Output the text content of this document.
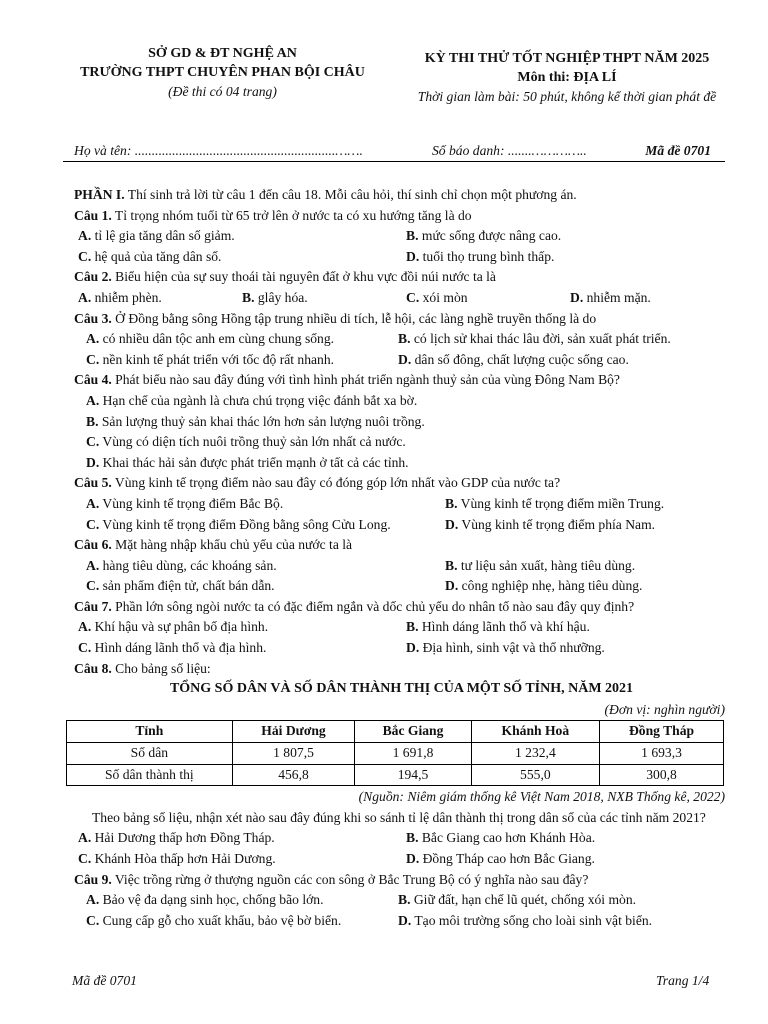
SỞ GD & ĐT NGHỆ AN
TRƯỜNG THPT CHUYÊN PHAN BỘI CHÂU
(Đề thi có 04 trang)
KỲ THI THỬ TỐT NGHIỆP THPT NĂM 2025
Môn thi: ĐỊA LÍ
Thời gian làm bài: 50 phút, không kể thời gian phát đề
Họ và tên: ...........................................................…….	Số báo danh: .......…………..	Mã đề 0701
PHẦN I. Thí sinh trả lời từ câu 1 đến câu 18. Mỗi câu hỏi, thí sinh chỉ chọn một phương án.
Câu 1. Tỉ trọng nhóm tuổi từ 65 trở lên ở nước ta có xu hướng tăng là do
A. tỉ lệ gia tăng dân số giảm.	B. mức sống được nâng cao.
C. hệ quả của tăng dân số.	D. tuổi thọ trung bình thấp.
Câu 2. Biểu hiện của sự suy thoái tài nguyên đất ở khu vực đồi núi nước ta là
A. nhiễm phèn.	B. glây hóa.	C. xói mòn	D. nhiễm mặn.
Câu 3. Ở Đồng bằng sông Hồng tập trung nhiều di tích, lễ hội, các làng nghề truyền thống là do
A. có nhiều dân tộc anh em cùng chung sống.	B. có lịch sử khai thác lâu đời, sản xuất phát triển.
C. nền kinh tế phát triển với tốc độ rất nhanh.	D. dân số đông, chất lượng cuộc sống cao.
Câu 4. Phát biểu nào sau đây đúng với tình hình phát triển ngành thuỷ sản của vùng Đông Nam Bộ?
A. Hạn chế của ngành là chưa chú trọng việc đánh bắt xa bờ.
B. Sản lượng thuỷ sản khai thác lớn hơn sản lượng nuôi trồng.
C. Vùng có diện tích nuôi trồng thuỷ sản lớn nhất cả nước.
D. Khai thác hải sản được phát triển mạnh ở tất cả các tỉnh.
Câu 5. Vùng kinh tế trọng điểm nào sau đây có đóng góp lớn nhất vào GDP của nước ta?
A. Vùng kinh tế trọng điểm Bắc Bộ.	B. Vùng kinh tế trọng điểm miền Trung.
C. Vùng kinh tế trọng điểm Đồng bằng sông Cửu Long.	D. Vùng kinh tế trọng điểm phía Nam.
Câu 6. Mặt hàng nhập khẩu chủ yếu của nước ta là
A. hàng tiêu dùng, các khoáng sản.	B. tư liệu sản xuất, hàng tiêu dùng.
C. sản phẩm điện tử, chất bán dẫn.	D. công nghiệp nhẹ, hàng tiêu dùng.
Câu 7. Phần lớn sông ngòi nước ta có đặc điểm ngắn và dốc chủ yếu do nhân tố nào sau đây quy định?
A. Khí hậu và sự phân bố địa hình.	B. Hình dáng lãnh thổ và khí hậu.
C. Hình dáng lãnh thổ và địa hình.	D. Địa hình, sinh vật và thổ nhưỡng.
Câu 8. Cho bảng số liệu:
TỔNG SỐ DÂN VÀ SỐ DÂN THÀNH THỊ CỦA MỘT SỐ TỈNH, NĂM 2021
(Đơn vị: nghìn người)
Tỉnh	Hải Dương	Bắc Giang	Khánh Hoà	Đồng Tháp
Số dân	1 807,5	1 691,8	1 232,4	1 693,3
Số dân thành thị	456,8	194,5	555,0	300,8
(Nguồn: Niêm giám thống kê Việt Nam 2018, NXB Thống kê, 2022)
Theo bảng số liệu, nhận xét nào sau đây đúng khi so sánh tỉ lệ dân thành thị trong dân số của các tỉnh năm 2021?
A. Hải Dương thấp hơn Đồng Tháp.	B. Bắc Giang cao hơn Khánh Hòa.
C. Khánh Hòa thấp hơn Hải Dương.	D. Đồng Tháp cao hơn Bắc Giang.
Câu 9. Việc trồng rừng ở thượng nguồn các con sông ở Bắc Trung Bộ có ý nghĩa nào sau đây?
A. Bảo vệ đa dạng sinh học, chống bão lớn.	B. Giữ đất, hạn chế lũ quét, chống xói mòn.
C. Cung cấp gỗ cho xuất khẩu, bảo vệ bờ biển.	D. Tạo môi trường sống cho loài sinh vật biển.
Mã đề 0701	Trang 1/4
